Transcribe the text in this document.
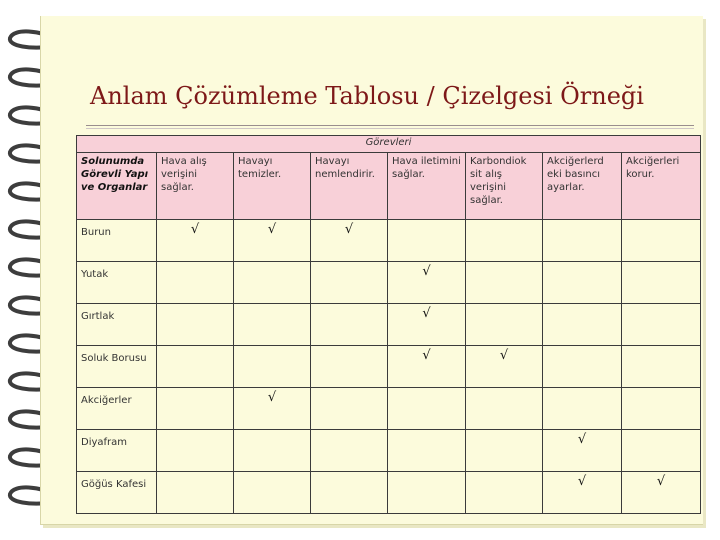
Anlam Çözümleme Tablosu / Çizelgesi Örneği
Görevleri							
Solunumda Görevli Yapı ve Organlar	Hava alış verişini sağlar.	Havayı temizler.	Havayı nemlendirir.	Hava iletimini sağlar.	Karbondiok sit alış verişini sağlar.	Akciğerlerd eki basıncı ayarlar.	Akciğerleri korur.
Burun	√	√	√				
Yutak				√			
Gırtlak				√			
Soluk Borusu				√	√		
Akciğerler		√					
Diyafram						√	
Göğüs Kafesi						√	√
